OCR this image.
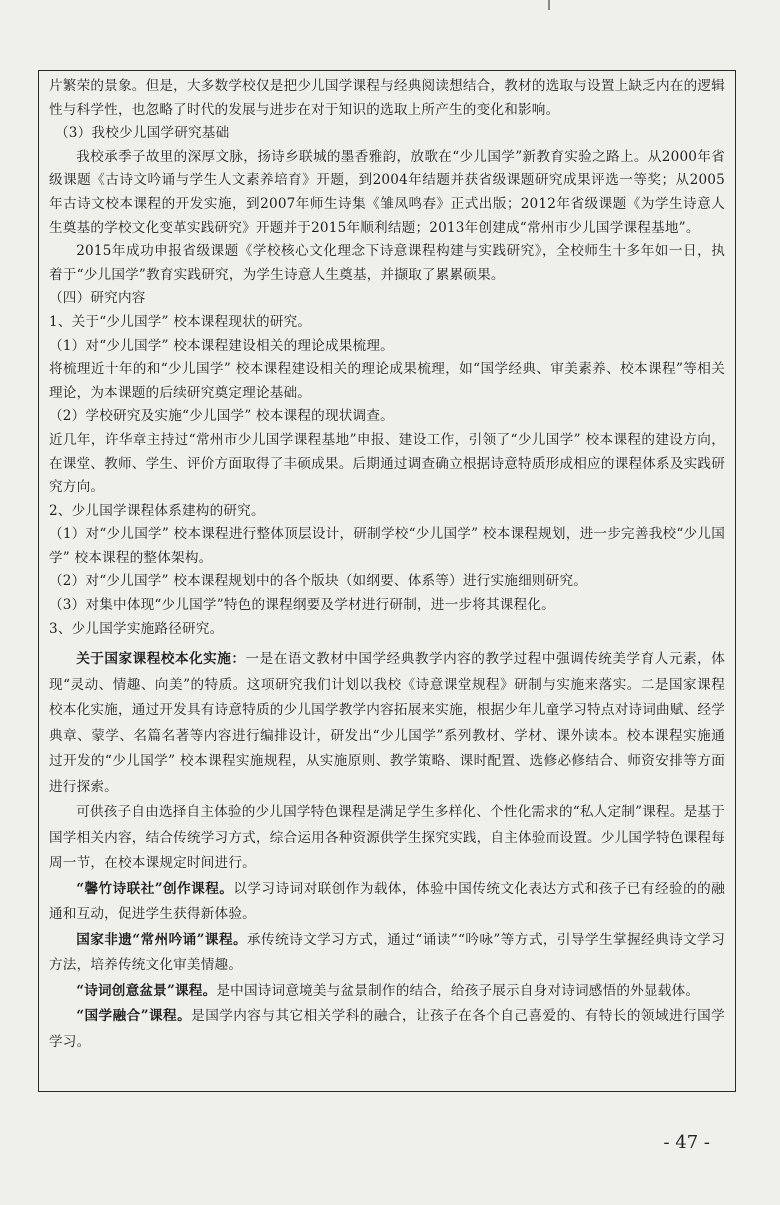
片繁荣的景象。但是，大多数学校仅是把少儿国学课程与经典阅读想结合，教材的选取与设置上缺乏内在的逻辑性与科学性，也忽略了时代的发展与进步在对于知识的选取上所产生的变化和影响。

（3）我校少儿国学研究基础

我校承季子故里的深厚文脉，扬诗乡联城的墨香雅韵，放歌在“少儿国学”新教育实验之路上。从2000年省级课题《古诗文吟诵与学生人文素养培育》开题，到2004年结题并获省级课题研究成果评选一等奖；从2005年古诗文校本课程的开发实施，到2007年师生诗集《雏凤鸣春》正式出版；2012年省级课题《为学生诗意人生奠基的学校文化变革实践研究》开题并于2015年顺利结题；2013年创建成“常州市少儿国学课程基地”。

2015年成功申报省级课题《学校核心文化理念下诗意课程构建与实践研究》，全校师生十多年如一日，执着于“少儿国学”教育实践研究，为学生诗意人生奠基，并撷取了累累硕果。

（四）研究内容

1、关于“少儿国学” 校本课程现状的研究。

（1）对“少儿国学” 校本课程建设相关的理论成果梳理。

将梳理近十年的和“少儿国学” 校本课程建设相关的理论成果梳理，如“国学经典、审美素养、校本课程”等相关理论，为本课题的后续研究奠定理论基础。

（2）学校研究及实施“少儿国学” 校本课程的现状调查。

近几年，许华章主持过“常州市少儿国学课程基地”申报、建设工作，引领了“少儿国学” 校本课程的建设方向，在课堂、教师、学生、评价方面取得了丰硕成果。后期通过调查确立根据诗意特质形成相应的课程体系及实践研究方向。

2、少儿国学课程体系建构的研究。

（1）对“少儿国学” 校本课程进行整体顶层设计，研制学校“少儿国学” 校本课程规划，进一步完善我校“少儿国学” 校本课程的整体架构。

（2）对“少儿国学” 校本课程规划中的各个版块（如纲要、体系等）进行实施细则研究。

（3）对集中体现“少儿国学”特色的课程纲要及学材进行研制，进一步将其课程化。

3、少儿国学实施路径研究。

关于国家课程校本化实施：一是在语文教材中国学经典教学内容的教学过程中强调传统美学育人元素，体现“灵动、情趣、向美”的特质。这项研究我们计划以我校《诗意课堂规程》研制与实施来落实。二是国家课程校本化实施，通过开发具有诗意特质的少儿国学教学内容拓展来实施，根据少年儿童学习特点对诗词曲赋、经学典章、蒙学、名篇名著等内容进行编排设计，研发出“少儿国学”系列教材、学材、课外读本。校本课程实施通过开发的“少儿国学” 校本课程实施规程，从实施原则、教学策略、课时配置、选修必修结合、师资安排等方面进行探索。

可供孩子自由选择自主体验的少儿国学特色课程是满足学生多样化、个性化需求的“私人定制”课程。是基于国学相关内容，结合传统学习方式，综合运用各种资源供学生探究实践，自主体验而设置。少儿国学特色课程每周一节，在校本课规定时间进行。

“馨竹诗联社”创作课程。以学习诗词对联创作为载体，体验中国传统文化表达方式和孩子已有经验的的融通和互动，促进学生获得新体验。

国家非遗“常州吟诵”课程。承传统诗文学习方式，通过“诵读”“吟咏”等方式，引导学生掌握经典诗文学习方法，培养传统文化审美情趣。

“诗词创意盆景”课程。是中国诗词意境美与盆景制作的结合，给孩子展示自身对诗词感悟的外显载体。

“国学融合”课程。是国学内容与其它相关学科的融合，让孩子在各个自己喜爱的、有特长的领域进行国学学习。

- 47 -
